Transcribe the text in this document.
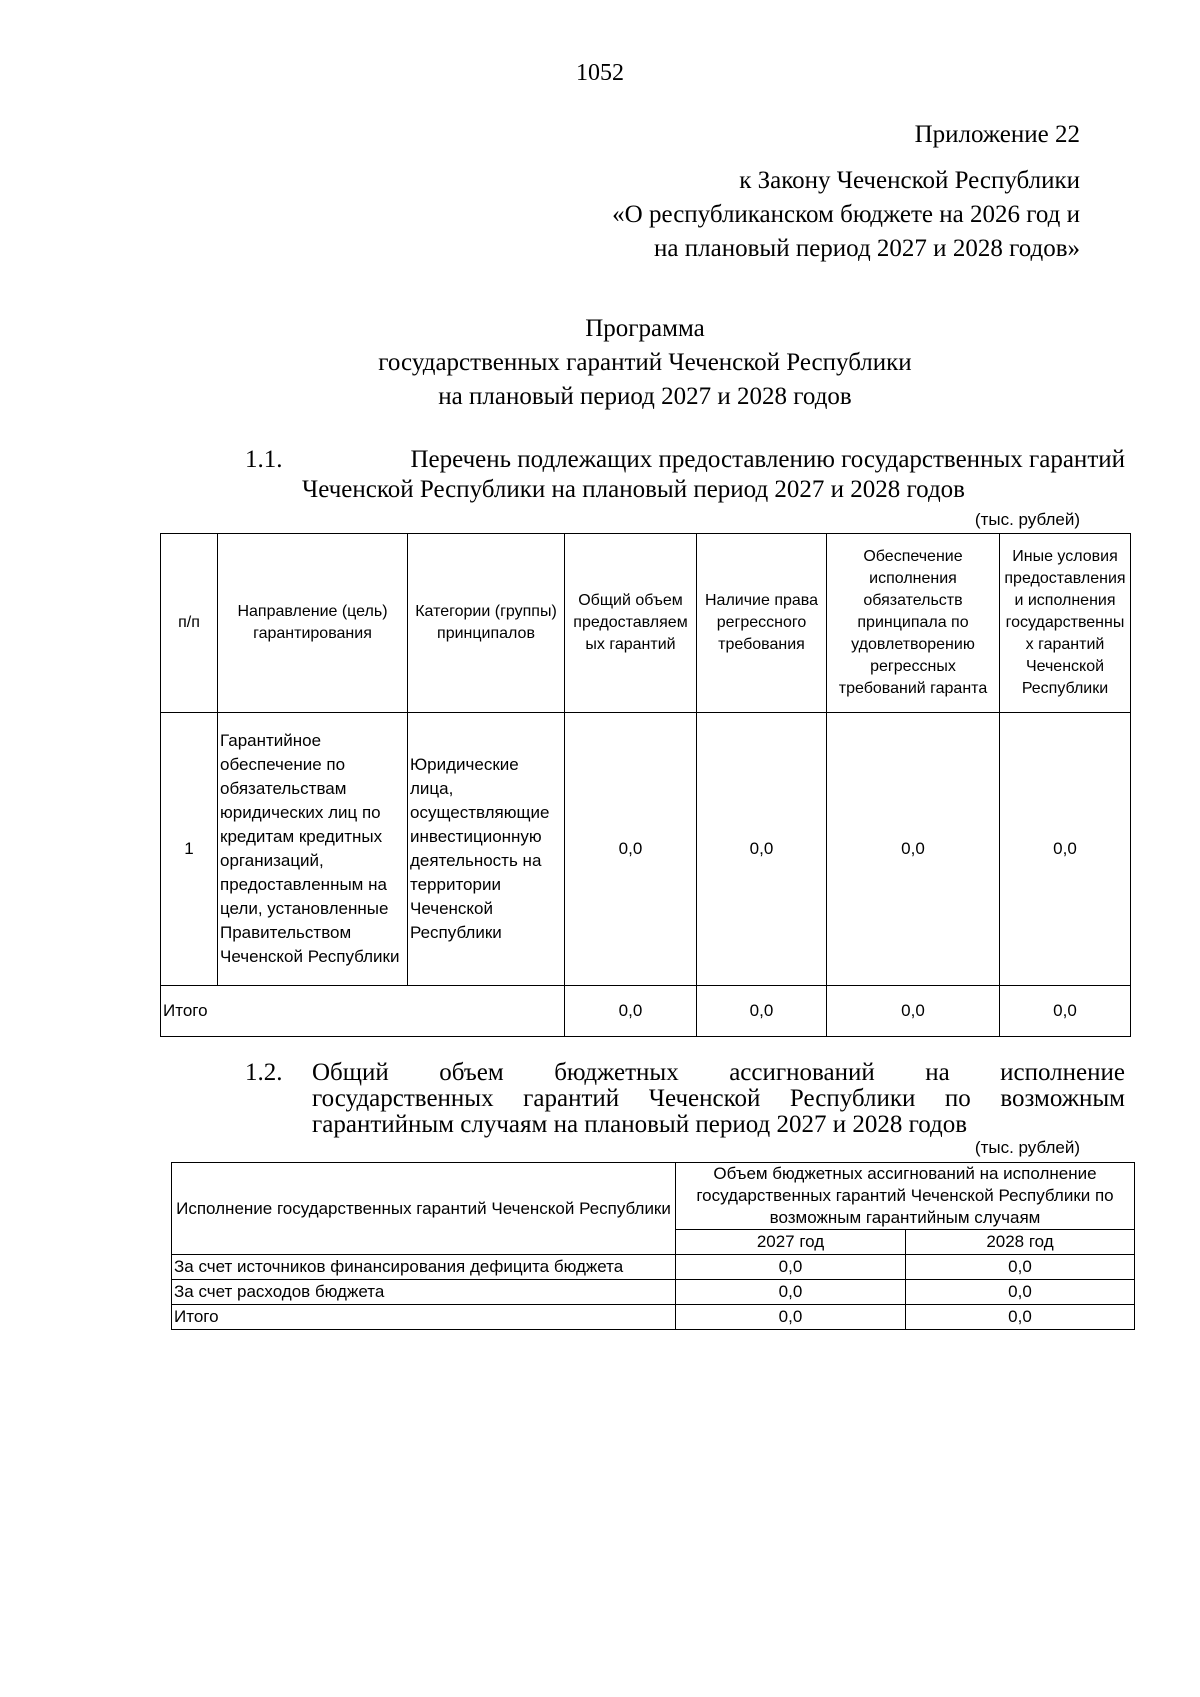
1052
Приложение 22
к Закону Чеченской Республики
«О республиканском бюджете на 2026 год и
на плановый период 2027 и 2028 годов»
Программа
государственных гарантий Чеченской Республики
на плановый период 2027 и 2028 годов
1.1.	Перечень подлежащих предоставлению государственных гарантий
Чеченской Республики на плановый период 2027 и 2028 годов
(тыс. рублей)
п/п	Направление (цель) гарантирования	Категории (группы) принципалов	Общий объем предоставляем ых гарантий	Наличие права регрессного требования	Обеспечение исполнения обязательств принципала по удовлетворению регрессных требований гаранта	Иные условия предоставления и исполнения государственны х гарантий Чеченской Республики
1	Гарантийное обеспечение по обязательствам юридических лиц по кредитам кредитных организаций, предоставленным на цели, установленные Правительством Чеченской Республики	Юридические лица, осуществляющие инвестиционную деятельность на территории Чеченской Республики	0,0	0,0	0,0	0,0
Итого			0,0	0,0	0,0	0,0
1.2.	Общий объем бюджетных ассигнований на исполнение
государственных гарантий Чеченской Республики по возможным
гарантийным случаям на плановый период 2027 и 2028 годов
(тыс. рублей)
Исполнение государственных гарантий Чеченской Республики	Объем бюджетных ассигнований на исполнение государственных гарантий Чеченской Республики по возможным гарантийным случаям	
	2027 год	2028 год
За счет источников финансирования дефицита бюджета	0,0	0,0
За счет расходов бюджета	0,0	0,0
Итого	0,0	0,0
